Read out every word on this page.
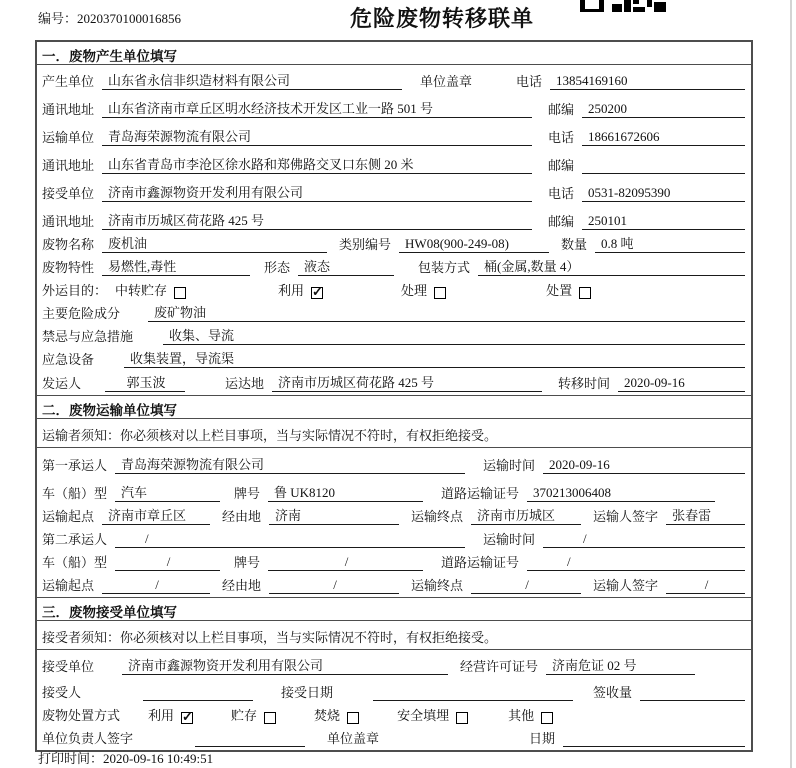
编号：2020370100016856	危险废物转移联单
一．废物产生单位填写
产生单位	山东省永信非织造材料有限公司	单位盖章	电话	13854169160
通讯地址	山东省济南市章丘区明水经济技术开发区工业一路 501 号	邮编	250200
运输单位	青岛海荣源物流有限公司	电话	18661672606
通讯地址	山东省青岛市李沧区徐水路和郑佛路交叉口东侧 20 米	邮编
接受单位	济南市鑫源物资开发利用有限公司	电话	0531-82095390
通讯地址	济南市历城区荷花路 425 号	邮编	250101
废物名称	废机油	类别编号	HW08(900-249-08)	数量	0.8 吨
废物特性	易燃性,毒性	形态	液态	包装方式	桶(金属,数量 4）
外运目的： 中转贮存	利用 ✓	处理	处置
主要危险成分	废矿物油
禁忌与应急措施	收集、导流
应急设备	收集装置，导流渠
发运人	郭玉波	运达地	济南市历城区荷花路 425 号	转移时间	2020-09-16
二．废物运输单位填写
运输者须知：你必须核对以上栏目事项，当与实际情况不符时，有权拒绝接受。
第一承运人	青岛海荣源物流有限公司	运输时间	2020-09-16
车（船）型	汽车	牌号	鲁 UK8120	道路运输证号	370213006408
运输起点	济南市章丘区	经由地	济南	运输终点	济南市历城区	运输人签字	张春雷
第二承运人	/	运输时间	/
车（船）型	/	牌号	/	道路运输证号	/
运输起点	/	经由地	/	运输终点	/	运输人签字	/
三．废物接受单位填写
接受者须知：你必须核对以上栏目事项，当与实际情况不符时，有权拒绝接受。
接受单位	济南市鑫源物资开发利用有限公司	经营许可证号	济南危证 02 号
接受人	接受日期	签收量
废物处置方式 利用 ✓	贮存	焚烧	安全填埋	其他
单位负责人签字	单位盖章	日期
打印时间：2020-09-16 10:49:51
